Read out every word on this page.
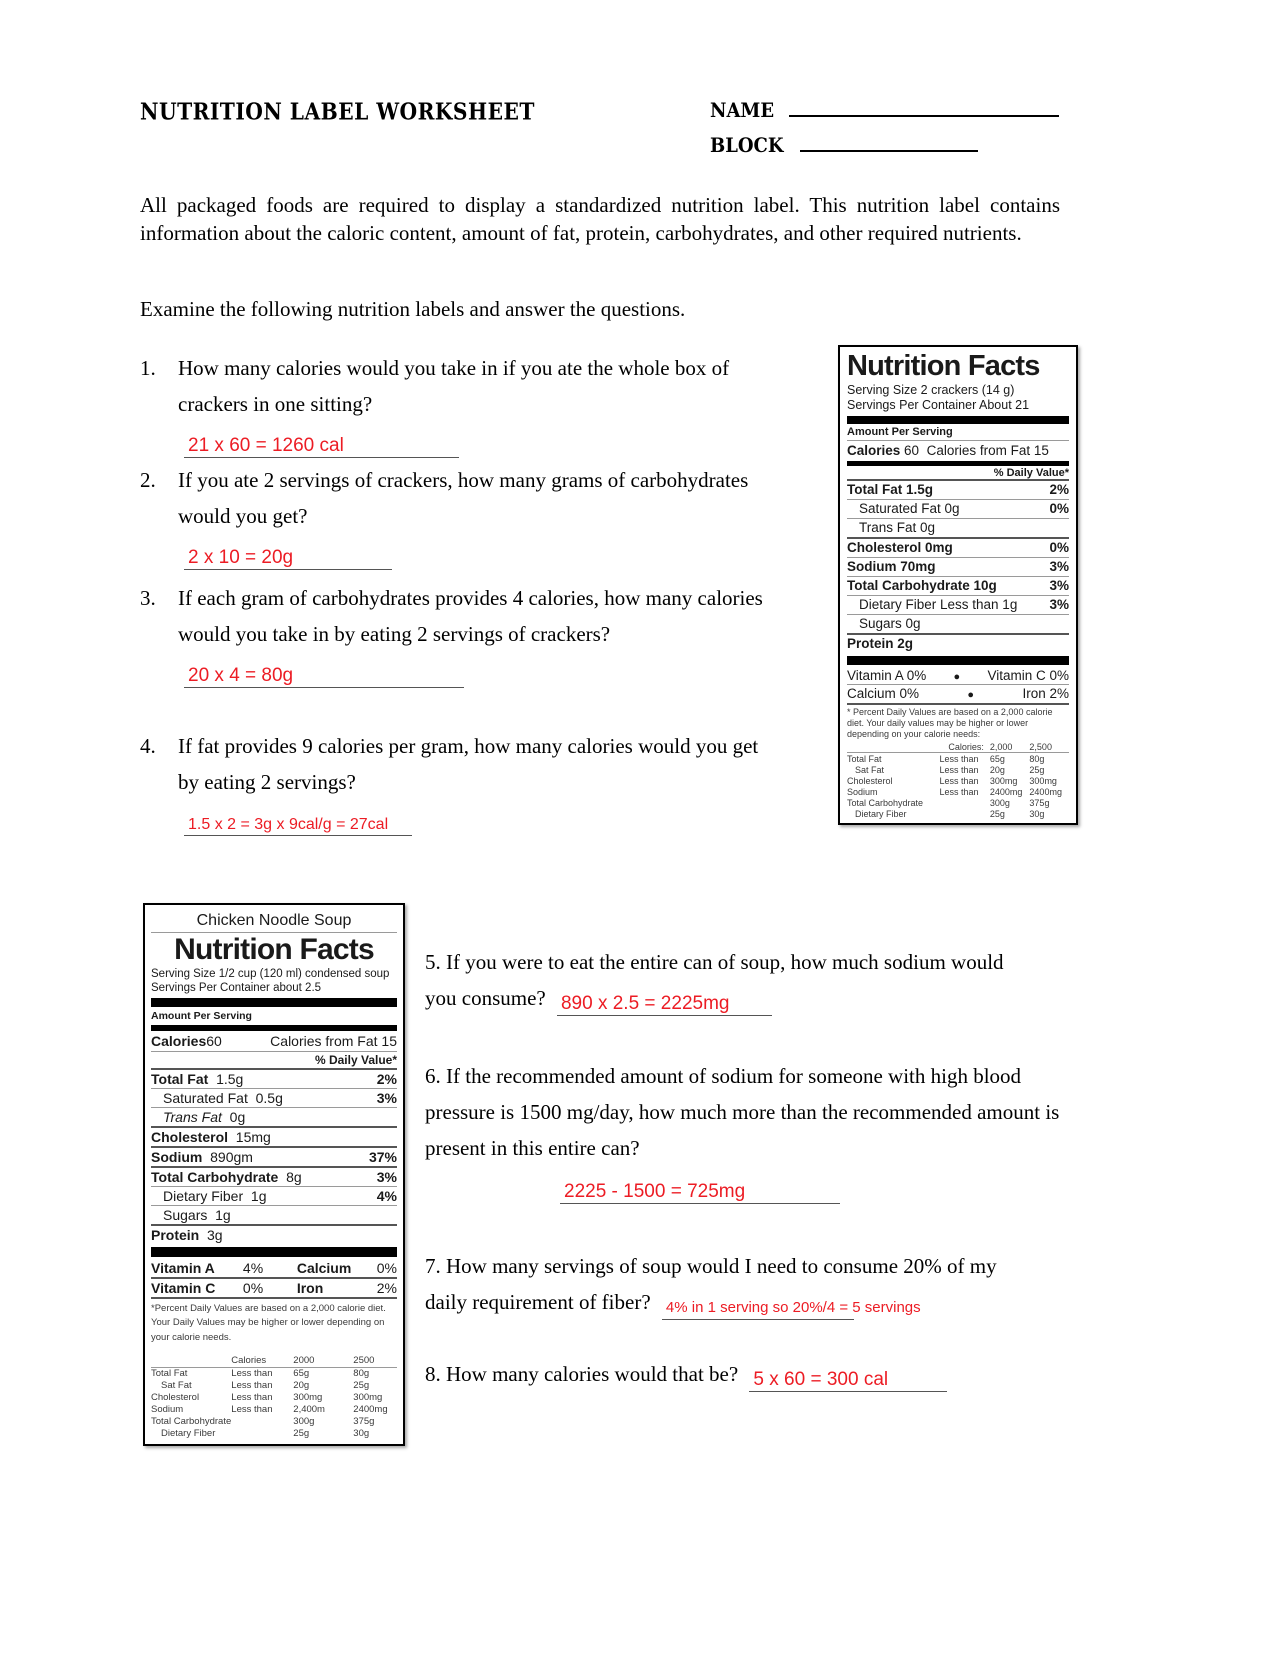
NUTRITION LABEL WORKSHEET	NAME
BLOCK
All packaged foods are required to display a standardized nutrition label. This nutrition label contains information about the caloric content, amount of fat, protein, carbohydrates, and other required nutrients.
Examine the following nutrition labels and answer the questions.
1. How many calories would you take in if you ate the whole box of crackers in one sitting?
21 x 60 = 1260 cal
2. If you ate 2 servings of crackers, how many grams of carbohydrates would you get?
2 x 10 = 20g
3. If each gram of carbohydrates provides 4 calories, how many calories would you take in by eating 2 servings of crackers?
20 x 4 = 80g
4. If fat provides 9 calories per gram, how many calories would you get by eating 2 servings?
1.5 x 2 = 3g x 9cal/g = 27cal
Nutrition Facts
Serving Size 2 crackers (14 g)
Servings Per Container About 21
Amount Per Serving
Calories 60 Calories from Fat 15
% Daily Value*
Total Fat 1.5g	2%
Saturated Fat 0g	0%
Trans Fat 0g
Cholesterol 0mg	0%
Sodium 70mg	3%
Total Carbohydrate 10g	3%
Dietary Fiber Less than 1g 3%
Sugars 0g
Protein 2g
Vitamin A 0% ● Vitamin C 0%
Calcium 0%	●	Iron 2%
* Percent Daily Values are based on a 2,000 calorie diet. Your daily values may be higher or lower depending on your calorie needs:
	Calories:	2,000	2,500
Total Fat	Less than	65g	80g
Sat Fat	Less than	20g	25g
Cholesterol	Less than	300mg	300mg
Sodium	Less than	2400mg	2400mg
Total Carbohydrate		300g	375g
Dietary Fiber		25g	30g
Chicken Noodle Soup
Nutrition Facts
Serving Size 1/2 cup (120 ml) condensed soup
Servings Per Container about 2.5
Amount Per Serving
Calories 60	Calories from Fat 15
% Daily Value*
Total Fat 1.5g	2%
Saturated Fat 0.5g	3%
Trans Fat 0g
Cholesterol 15mg
Sodium 890gm	37%
Total Carbohydrate 8g	3%
Dietary Fiber 1g	4%
Sugars 1g
Protein 3g
Vitamin A	4%	Calcium	0%
Vitamin C	0%	Iron	2%
*Percent Daily Values are based on a 2,000 calorie diet. Your Daily Values may be higher or lower depending on your calorie needs.
	Calories	2000	2500
Total Fat	Less than	65g	80g
Sat Fat	Less than	20g	25g
Cholesterol	Less than	300mg	300mg
Sodium	Less than	2,400m	2400mg
Total Carbohydrate		300g	375g
Dietary Fiber		25g	30g
5. If you were to eat the entire can of soup, how much sodium would you consume? 890 x 2.5 = 2225mg
6. If the recommended amount of sodium for someone with high blood pressure is 1500 mg/day, how much more than the recommended amount is present in this entire can?
2225 - 1500 = 725mg
7. How many servings of soup would I need to consume 20% of my daily requirement of fiber? 4% in 1 serving so 20%/4 = 5 servings
8. How many calories would that be? 5 x 60 = 300 cal
